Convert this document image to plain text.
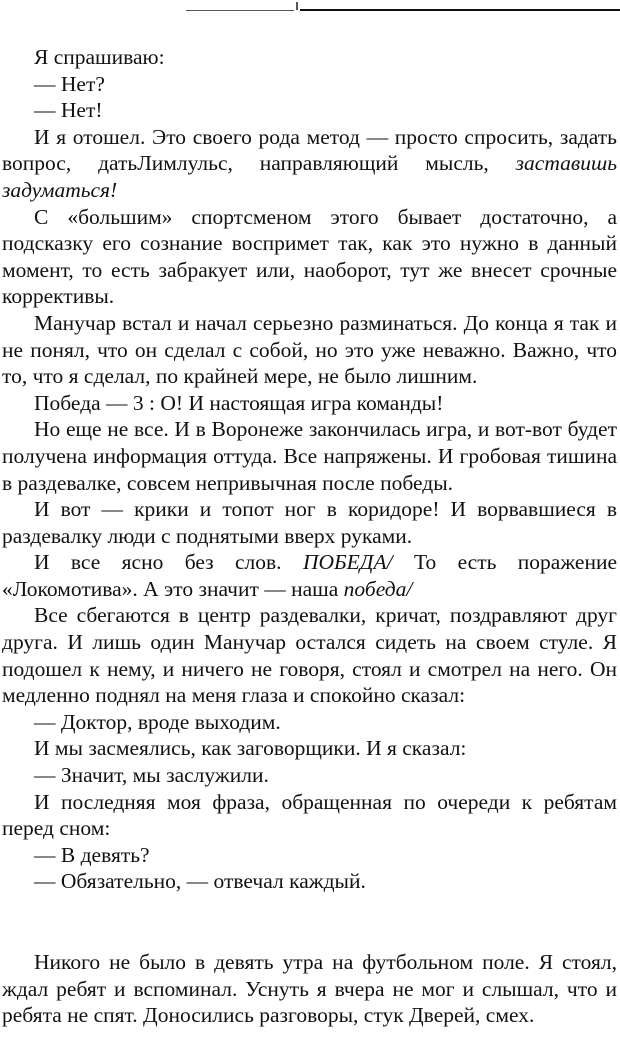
Я спрашиваю:

— Нет?

— Нет!

И я отошел. Это своего рода метод — просто спросить, задать вопрос, датьЛимлульс, направляющий мысль, заставишь задуматься!

С «большим» спортсменом этого бывает достаточно, а подсказку его сознание воспримет так, как это нужно в данный момент, то есть забракует или, наоборот, тут же внесет срочные коррективы.

Манучар встал и начал серьезно разминаться. До конца я так и не понял, что он сделал с собой, но это уже неважно. Важно, что то, что я сделал, по крайней мере, не было лишним.

Победа — 3 : О! И настоящая игра команды!

Но еще не все. И в Воронеже закончилась игра, и вот-вот будет получена информация оттуда. Все напряжены. И гробовая тишина в раздевалке, совсем непривычная после победы.

И вот — крики и топот ног в коридоре! И ворвавшиеся в раздевалку люди с поднятыми вверх руками.

И все ясно без слов. ПОБЕДА/ То есть поражение «Локомотива». А это значит — наша победа/

Все сбегаются в центр раздевалки, кричат, поздравляют друг друга. И лишь один Манучар остался сидеть на своем стуле. Я подошел к нему, и ничего не говоря, стоял и смотрел на него. Он медленно поднял на меня глаза и спокойно сказал:

— Доктор, вроде выходим.

И мы засмеялись, как заговорщики. И я сказал:

— Значит, мы заслужили.

И последняя моя фраза, обращенная по очереди к ребятам перед сном:

— В девять?

— Обязательно, — отвечал каждый.

Никого не было в девять утра на футбольном поле. Я стоял, ждал ребят и вспоминал. Уснуть я вчера не мог и слышал, что и ребята не спят. Доносились разговоры, стук Дверей, смех.
